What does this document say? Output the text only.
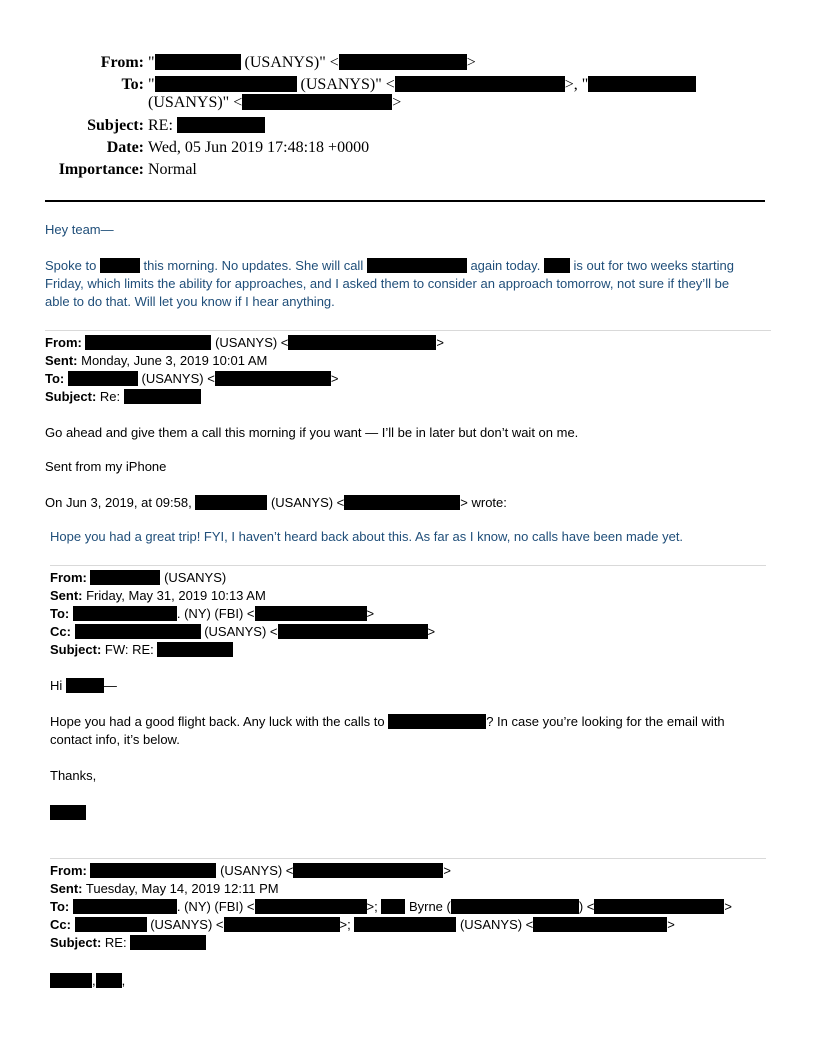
From: "	(USANYS)" <	>
To: "	(USANYS)" <	>, "
(USANYS)" <	>
Subject: RE:
Date: Wed, 05 Jun 2019 17:48:18 +0000
Importance: Normal
Hey team—
Spoke to	this morning. No updates. She will call	again today.  is out for two weeks starting
Friday, which limits the ability for approaches, and I asked them to consider an approach tomorrow, not sure if they’ll be
able to do that. Will let you know if I hear anything.
From:	(USANYS) <	>
Sent: Monday, June 3, 2019 10:01 AM
To:	(USANYS) <	>
Subject: Re:
Go ahead and give them a call this morning if you want — I’ll be in later but don’t wait on me.
Sent from my iPhone
On Jun 3, 2019, at 09:58,	(USANYS) <	> wrote:
Hope you had a great trip! FYI, I haven’t heard back about this. As far as I know, no calls have been made yet.
From:	(USANYS)
Sent: Friday, May 31, 2019 10:13 AM
To:	. (NY) (FBI) <	>
Cc:	(USANYS) <	>
Subject: FW: RE:
Hi	—
Hope you had a good flight back. Any luck with the calls to	? In case you’re looking for the email with
contact info, it’s below.
Thanks,
From:	(USANYS) <	>
Sent: Tuesday, May 14, 2019 12:11 PM
To:	. (NY) (FBI) <	>;  Byrne (	) <	>
Cc:	(USANYS) <	>;	(USANYS) <	>
Subject: RE:
, ,
